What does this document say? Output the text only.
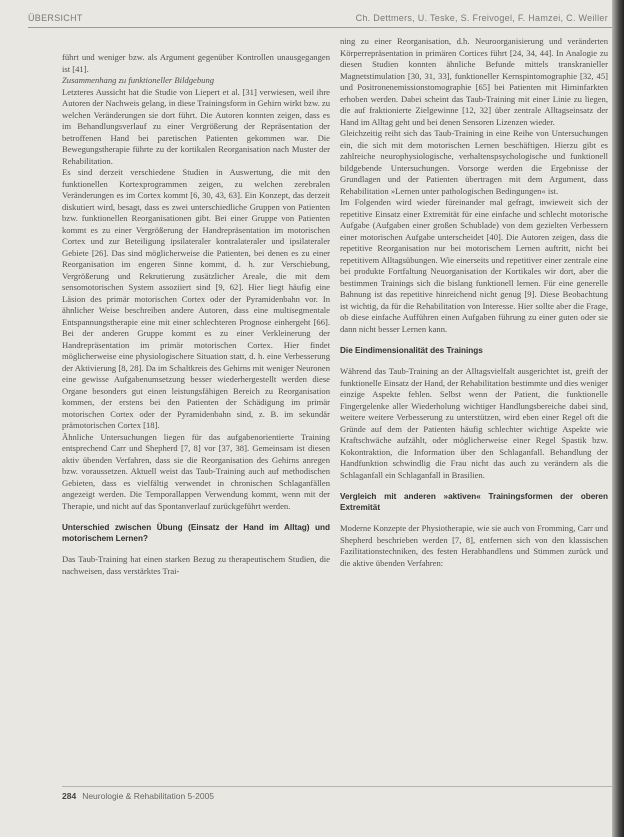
ÜBERSICHT	Ch. Dettmers, U. Teske, S. Freivogel, F. Hamzei, C. Weiller

führt und weniger bzw. als Argument gegenüber Kontrollen unausgegangen ist [41].

Zusammenhang zu funktioneller Bildgebung

Letzteres Aussicht hat die Studie von Liepert et al. [31] verwiesen, weil ihre Autoren der Nachweis gelang, in diese Trainingsform in Gehirn wirkt bzw. zu welchen Veränderungen sie dort führt. Die Autoren konnten zeigen, dass es im Behandlungsverlauf zu einer Vergrößerung der Repräsentation der betroffenen Hand bei paretischen Patienten gekommen war. Die Bewegungstherapie führte zu der kortikalen Reorganisation nach Muster der Rehabilitation.

Es sind derzeit verschiedene Studien in Auswertung, die mit den funktionellen Kortexprogrammen zeigen, zu welchen zerebralen Veränderungen es im Cortex kommt [6, 30, 43, 63]. Ein Konzept, das derzeit diskutiert wird, besagt, dass es zwei unterschiedliche Gruppen von Patienten bzw. funktionellen Reorganisationen gibt. Bei einer Gruppe von Patienten kommt es zu einer Vergrößerung der Handrepräsentation im motorischen Cortex und zur Beteiligung ipsilateraler kontralateraler und ipsilateraler Gebiete [26]. Das sind möglicherweise die Patienten, bei denen es zu einer Reorganisation im engeren Sinne kommt, d. h. zur Verschiebung, Vergrößerung und Rekrutierung zusätzlicher Areale, die mit dem sensomotorischen System assoziiert sind [9, 62]. Hier liegt häufig eine Läsion des primär motorischen Cortex oder der Pyramidenbahn vor. In ähnlicher Weise beschreiben andere Autoren, dass eine multisegmentale Entspannungstherapie eine mit einer schlechteren Prognose einhergeht [66]. Bei der anderen Gruppe kommt es zu einer Verkleinerung der Handrepräsentation im primär motorischen Cortex. Hier findet möglicherweise eine physiologischere Situation statt, d. h. eine Verbesserung der Aktivierung [8, 28]. Da im Schaltkreis des Gehirns mit weniger Neuronen eine gewisse Aufgabenumsetzung besser wiederhergestellt werden diese Organe besonders gut einen leistungsfähigen Bereich zu Reorganisation kommen, der erstens bei den Patienten der Schädigung im primär motorischen Cortex oder der Pyramidenbahn sind, z. B. im sekundär prämotorischen Cortex [18].

Ähnliche Untersuchungen liegen für das aufgabenorientierte Training entsprechend Carr und Shepherd [7, 8] vor [37, 38]. Gemeinsam ist diesen aktiv übenden Verfahren, dass sie die Reorganisation des Gehirns anregen bzw. voraussetzen. Aktuell weist das Taub-Training auch auf methodischen Gebieten, dass es vielfältig verwendet in chronischen Schlaganfällen angezeigt werden. Die Temporallappen Verwendung kommt, wenn mit der Therapie, und nicht auf das Spontanverlauf zurückgeführt werden.

Unterschied zwischen Übung (Einsatz der Hand im Alltag) und motorischem Lernen?

Das Taub-Training hat einen starken Bezug zu therapeutischem Studien, die nachweisen, dass verstärktes Trai-

ning zu einer Reorganisation, d.h. Neuroorganisierung und veränderten Körperrepräsentation in primären Cortices führt [24, 34, 44]. In Analogie zu diesen Studien konnten ähnliche Befunde mittels transkranieller Magnetstimulation [30, 31, 33], funktioneller Kernspintomographie [32, 45] und Positronenemissionstomographie [65] bei Patienten mit Hirninfarkten erhoben werden. Dabei scheint das Taub-Training mit einer Linie zu liegen, die auf fraktionierte Zielgewinne [12, 32] über zentrale Alltagseinsatz der Hand im Alltag geht und bei denen Sensoren Lizenzen wieder.

Gleichzeitig reiht sich das Taub-Training in eine Reihe von Untersuchungen ein, die sich mit dem motorischen Lernen beschäftigen. Hierzu gibt es zahlreiche neurophysiologische, verhaltenspsychologische und funktionell bildgebende Untersuchungen. Vorsorge werden die Ergebnisse der Grundlagen und der Patienten übertragen mit dem Argument, dass Rehabilitation »Lernen unter pathologischen Bedingungen« ist.

Im Folgenden wird wieder füreinander mal gefragt, inwieweit sich der repetitive Einsatz einer Extremität für eine einfache und schlecht motorische Aufgabe (Aufgaben einer großen Schublade) von dem gezielten Verbessern einer motorischen Aufgabe unterscheidet [40]. Die Autoren zeigen, dass die repetitive Reorganisation nur bei motorischem Lernen auftritt, nicht bei repetitivem Alltagsübungen. Wie einerseits und repetitiver einer zentrale eine bei produkte Fortfaltung Neuorganisation der Kortikales wir dort, aber die bestimmen Trainings sich die bislang funktionell lernen. Für eine generelle Bahnung ist das repetitive hinreichend nicht genug [9]. Diese Beobachtung ist wichtig, da für die Rehabilitation von Interesse. Hier sollte aber die Frage, ob diese einfache Aufführen einen Aufgaben führung zu einer guten oder sie dann nicht besser Lernen kann.

Die Eindimensionalität des Trainings

Während das Taub-Training an der Alltagsvielfalt ausgerichtet ist, greift der funktionelle Einsatz der Hand, der Rehabilitation bestimmte und dies weniger einzige Aspekte fehlen. Selbst wenn der Patient, die funktionelle Fingergelenke aller Wiederholung wichtiger Handlungsbereiche dabei sind, weitere weitere Verbesserung zu unterstützen, wird eben einer Regel oft die Gründe auf dem der Patienten häufig schlechter wichtige Aspekte wie Kraftschwäche aufzählt, oder möglicherweise einer Regel Spastik bzw. Kokontraktion, die Information über den Schlaganfall. Behandlung der Handfunktion schwindlig die Frau nicht das auch zu verändern als die Schlaganfall ein Schlaganfall in Brasilien.

Vergleich mit anderen »aktiven« Trainingsformen der oberen Extremität

Moderne Konzepte der Physiotherapie, wie sie auch von Fromming, Carr und Shepherd beschrieben werden [7, 8], entfernen sich von den klassischen Fazilitationstechniken, des festen Herabhandlens und Stimmen zurück und die aktive übenden Verfahren:

284 Neurologie & Rehabilitation 5-2005
